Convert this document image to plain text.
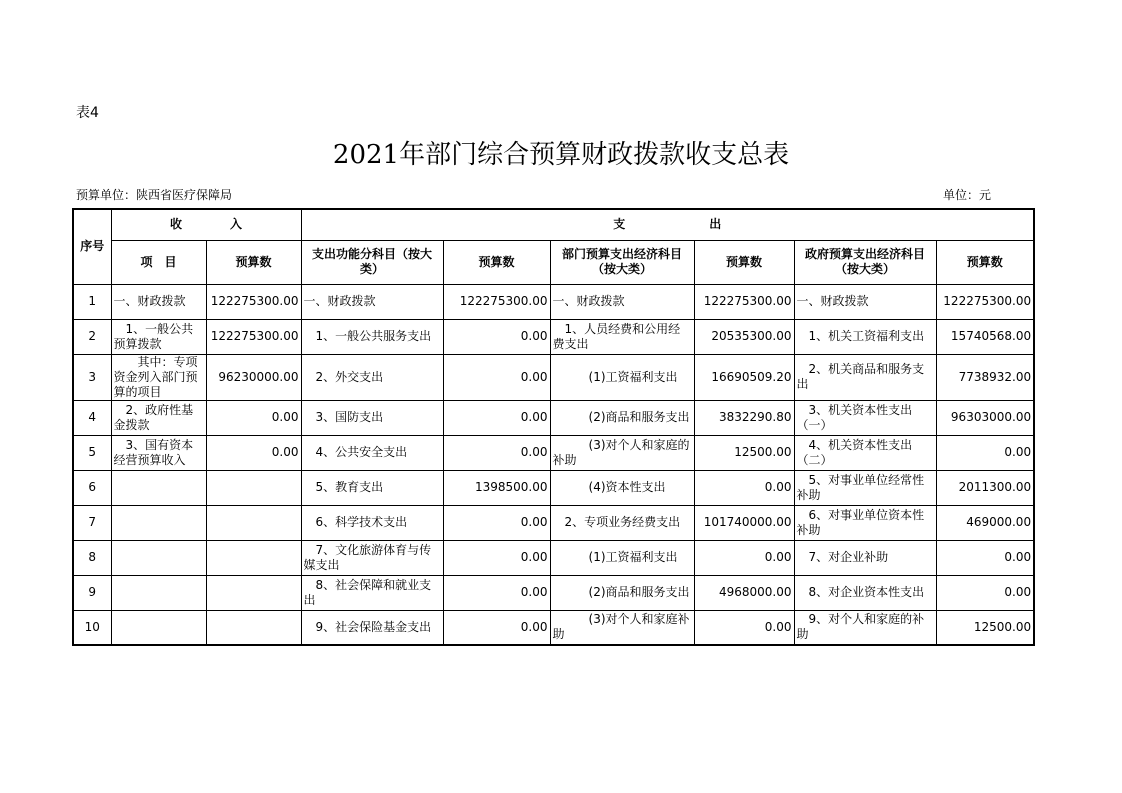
表4
2021年部门综合预算财政拨款收支总表
预算单位：陕西省医疗保障局	单位：元
序号	收　　　　入		支　　　　　　　出					
	项　目	预算数	支出功能分科目（按大类）	预算数	部门预算支出经济科目（按大类）	预算数	政府预算支出经济科目（按大类）	预算数
1	一、财政拨款	122275300.00	一、财政拨款	122275300.00	一、财政拨款	122275300.00	一、财政拨款	122275300.00
2	　1、一般公共预算拨款	122275300.00	　1、一般公共服务支出	0.00	　1、人员经费和公用经费支出	20535300.00	　1、机关工资福利支出	15740568.00
3	　　其中：专项资金列入部门预算的项目	96230000.00	　2、外交支出	0.00	　　　(1)工资福利支出	16690509.20	　2、机关商品和服务支出	7738932.00
4	　2、政府性基金拨款	0.00	　3、国防支出	0.00	　　　(2)商品和服务支出	3832290.80	　3、机关资本性支出（一）	96303000.00
5	　3、国有资本经营预算收入	0.00	　4、公共安全支出	0.00	　　　(3)对个人和家庭的补助	12500.00	　4、机关资本性支出（二）	0.00
6			　5、教育支出	1398500.00	　　　(4)资本性支出	0.00	　5、对事业单位经常性补助	2011300.00
7			　6、科学技术支出	0.00	　2、专项业务经费支出	101740000.00	　6、对事业单位资本性补助	469000.00
8			　7、文化旅游体育与传媒支出	0.00	　　　(1)工资福利支出	0.00	　7、对企业补助	0.00
9			　8、社会保障和就业支出	0.00	　　　(2)商品和服务支出	4968000.00	　8、对企业资本性支出	0.00
10			　9、社会保险基金支出	0.00	　　　(3)对个人和家庭补助	0.00	　9、对个人和家庭的补助	12500.00
